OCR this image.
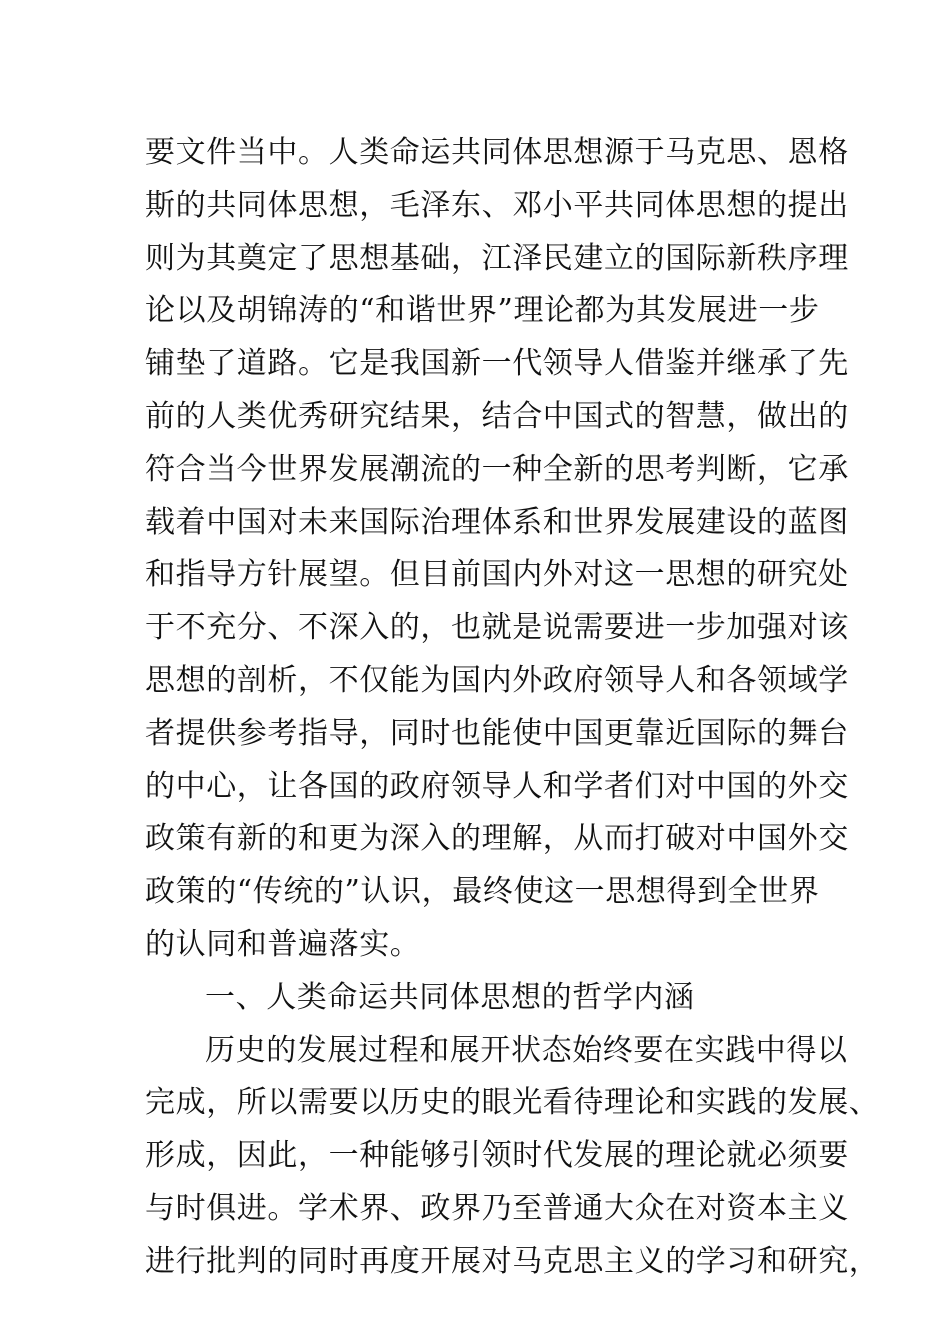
要文件当中。人类命运共同体思想源于马克思、恩格
斯的共同体思想，毛泽东、邓小平共同体思想的提出
则为其奠定了思想基础，江泽民建立的国际新秩序理
论以及胡锦涛的“和谐世界”理论都为其发展进一步
铺垫了道路。它是我国新一代领导人借鉴并继承了先
前的人类优秀研究结果，结合中国式的智慧，做出的
符合当今世界发展潮流的一种全新的思考判断，它承
载着中国对未来国际治理体系和世界发展建设的蓝图
和指导方针展望。但目前国内外对这一思想的研究处
于不充分、不深入的，也就是说需要进一步加强对该
思想的剖析，不仅能为国内外政府领导人和各领域学
者提供参考指导，同时也能使中国更靠近国际的舞台
的中心，让各国的政府领导人和学者们对中国的外交
政策有新的和更为深入的理解，从而打破对中国外交
政策的“传统的”认识，最终使这一思想得到全世界
的认同和普遍落实。
一、人类命运共同体思想的哲学内涵
历史的发展过程和展开状态始终要在实践中得以
完成，所以需要以历史的眼光看待理论和实践的发展、
形成，因此，一种能够引领时代发展的理论就必须要
与时俱进。学术界、政界乃至普通大众在对资本主义
进行批判的同时再度开展对马克思主义的学习和研究，
